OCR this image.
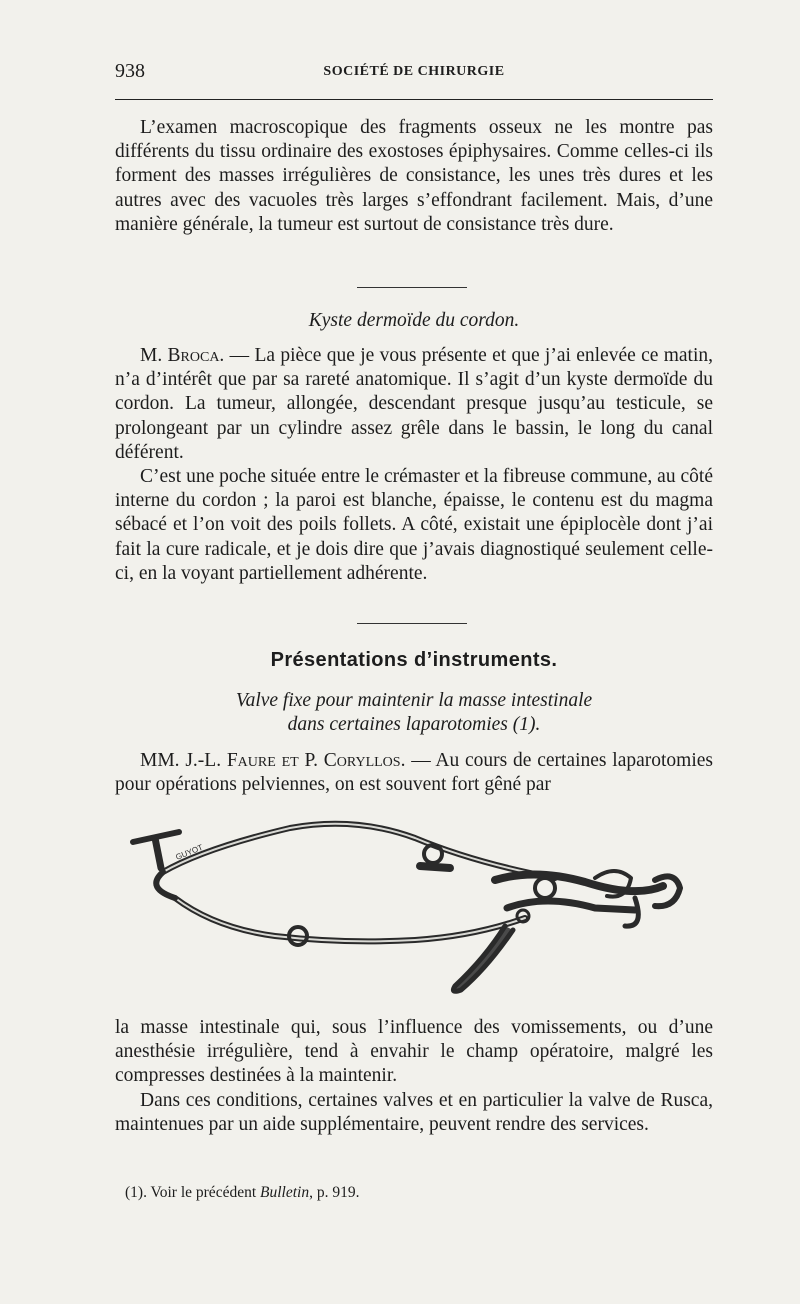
938	SOCIÉTÉ DE CHIRURGIE

L’examen macroscopique des fragments osseux ne les montre pas différents du tissu ordinaire des exostoses épiphysaires. Comme celles-ci ils forment des masses irrégulières de consistance, les unes très dures et les autres avec des vacuoles très larges s’effondrant facilement. Mais, d’une manière générale, la tumeur est surtout de consistance très dure.

Kyste dermoïde du cordon.

M. Broca. — La pièce que je vous présente et que j’ai enlevée ce matin, n’a d’intérêt que par sa rareté anatomique. Il s’agit d’un kyste dermoïde du cordon. La tumeur, allongée, descendant presque jusqu’au testicule, se prolongeant par un cylindre assez grêle dans le bassin, le long du canal déférent.

C’est une poche située entre le crémaster et la fibreuse commune, au côté interne du cordon ; la paroi est blanche, épaisse, le contenu est du magma sébacé et l’on voit des poils follets. A côté, existait une épiplocèle dont j’ai fait la cure radicale, et je dois dire que j’avais diagnostiqué seulement celle-ci, en la voyant partiellement adhérente.

Présentations d’instruments.
Valve fixe pour maintenir la masse intestinale
dans certaines laparotomies (1).

MM. J.-L. Faure et P. Coryllos. — Au cours de certaines laparotomies pour opérations pelviennes, on est souvent fort gêné par

GUYOT

la masse intestinale qui, sous l’influence des vomissements, ou d’une anesthésie irrégulière, tend à envahir le champ opératoire, malgré les compresses destinées à la maintenir.

Dans ces conditions, certaines valves et en particulier la valve de Rusca, maintenues par un aide supplémentaire, peuvent rendre des services.

(1). Voir le précédent Bulletin, p. 919.
